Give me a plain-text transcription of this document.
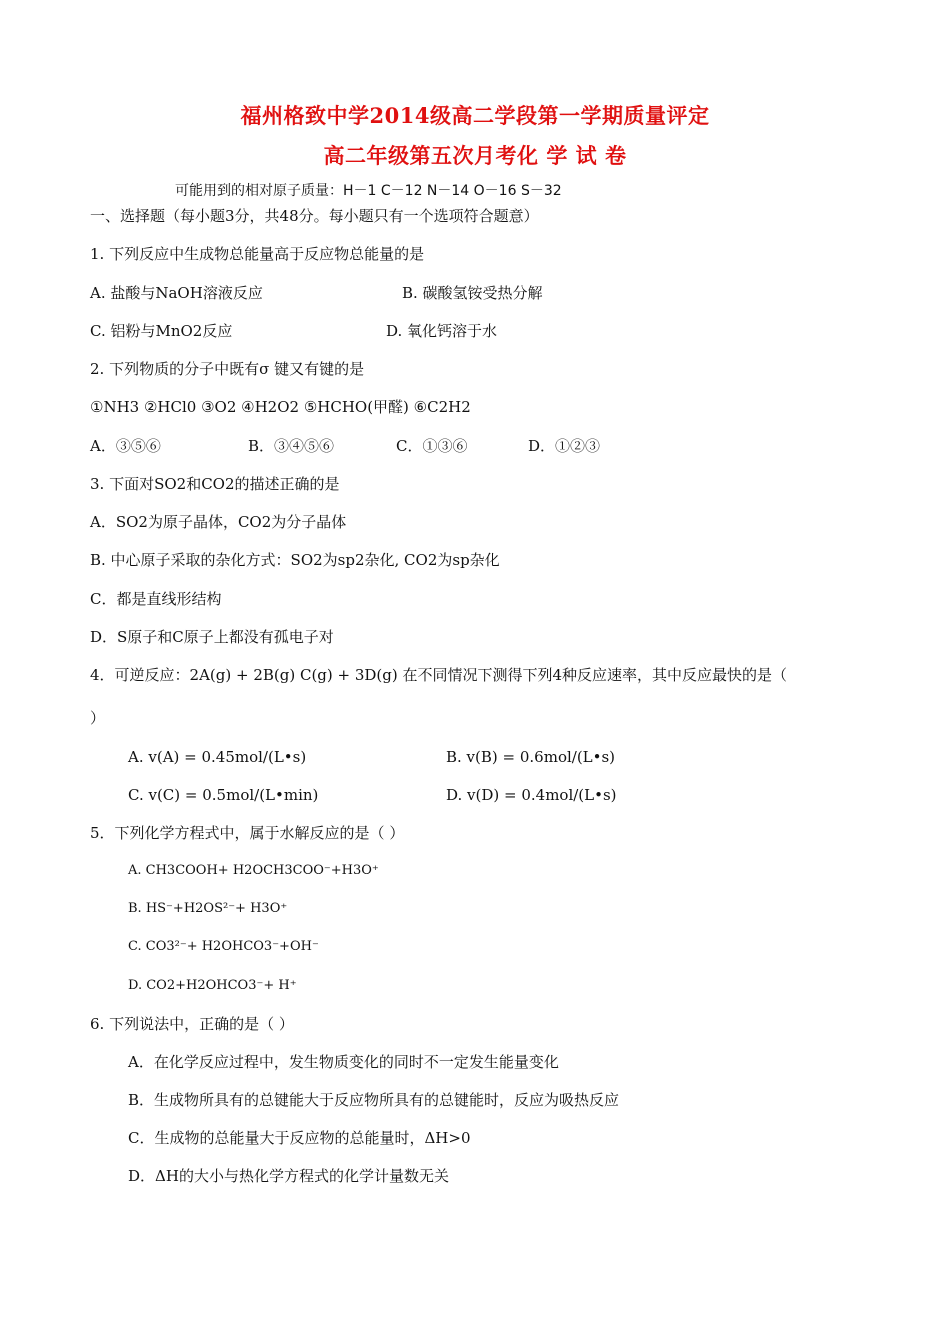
福州格致中学2014级高二学段第一学期质量评定
高二年级第五次月考化 学 试 卷
可能用到的相对原子质量：H－1 C－12 N－14 O－16 S－32
一、选择题（每小题3分，共48分。每小题只有一个选项符合题意）
1. 下列反应中生成物总能量高于反应物总能量的是
A. 盐酸与NaOH溶液反应	B. 碳酸氢铵受热分解
C. 铝粉与MnO2反应	D. 氧化钙溶于水
2. 下列物质的分子中既有σ 键又有键的是
①NH3 ②HCl0 ③O2 ④H2O2 ⑤HCHO(甲醛) ⑥C2H2
A．③⑤⑥	B．③④⑤⑥	C．①③⑥	D．①②③
3. 下面对SO2和CO2的描述正确的是
A．SO2为原子晶体，CO2为分子晶体
B. 中心原子采取的杂化方式：SO2为sp2杂化, CO2为sp杂化
C．都是直线形结构
D．S原子和C原子上都没有孤电子对
4．可逆反应：2A(g) + 2B(g) C(g) + 3D(g) 在不同情况下测得下列4种反应速率，其中反应最快的是（
）
A. v(A) = 0.45mol/(L•s)	B. v(B) = 0.6mol/(L•s)
C. v(C) = 0.5mol/(L•min)	D. v(D) = 0.4mol/(L•s)
5．下列化学方程式中，属于水解反应的是（ ）
A. CH3COOH+ H2OCH3COO⁻+H3O⁺
B. HS⁻+H2OS²⁻+ H3O⁺
C. CO3²⁻+ H2OHCO3⁻+OH⁻
D. CO2+H2OHCO3⁻+ H⁺
6. 下列说法中，正确的是（ ）
A．在化学反应过程中，发生物质变化的同时不一定发生能量变化
B．生成物所具有的总键能大于反应物所具有的总键能时，反应为吸热反应
C．生成物的总能量大于反应物的总能量时，ΔH>0
D．ΔH的大小与热化学方程式的化学计量数无关
